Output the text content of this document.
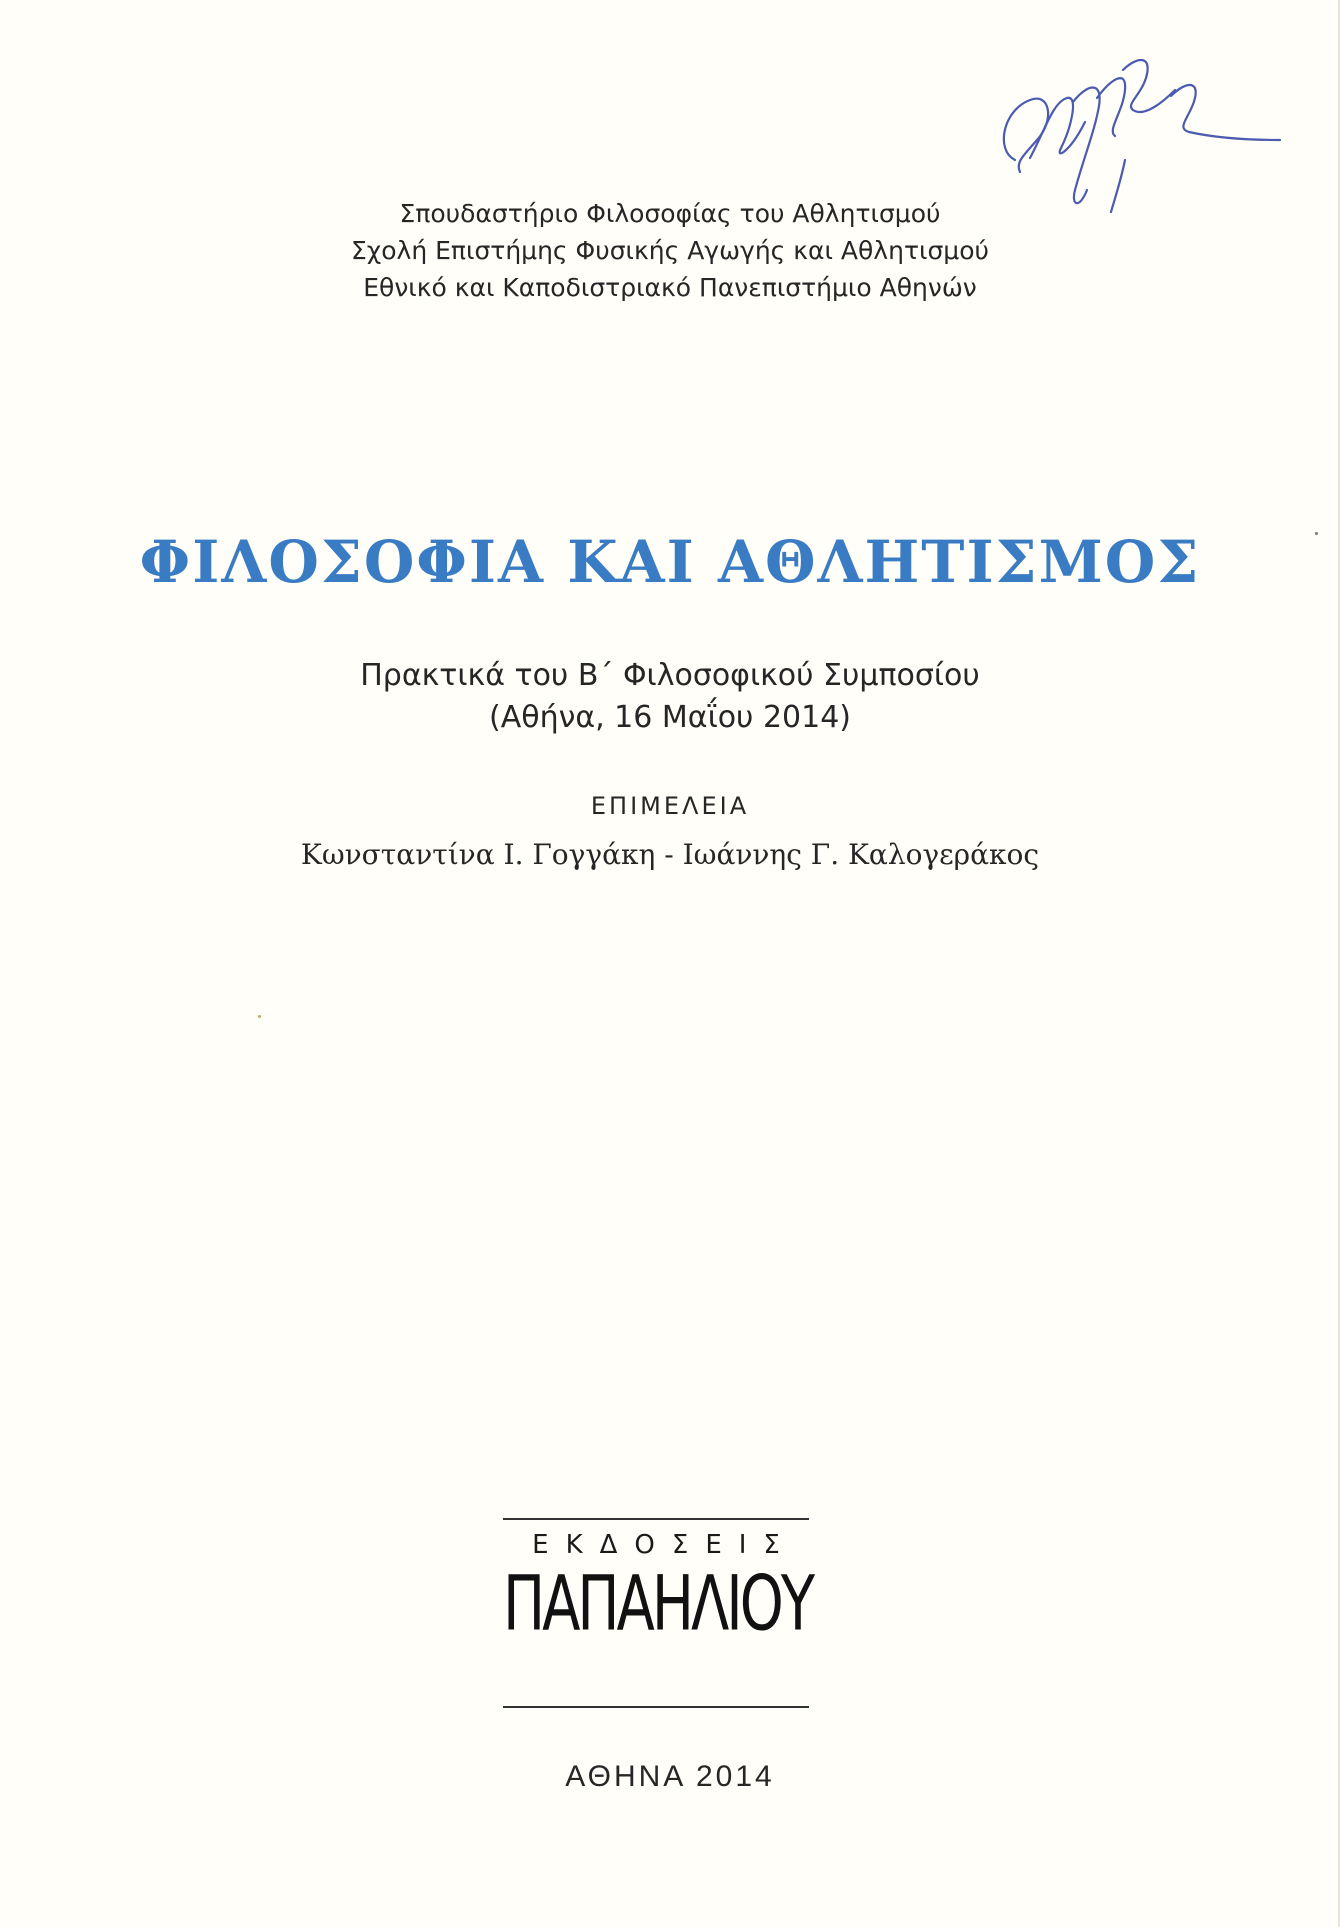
Σπουδαστήριο Φιλοσοφίας του Αθλητισμού
Σχολή Επιστήμης Φυσικής Αγωγής και Αθλητισμού
Εθνικό και Καποδιστριακό Πανεπιστήμιο Αθηνών
ΦΙΛΟΣΟΦΙΑ ΚΑΙ ΑΘΛΗΤΙΣΜΟΣ
Πρακτικά του Β΄ Φιλοσοφικού Συμποσίου
(Αθήνα, 16 Μαΐου 2014)
ΕΠΙΜΕΛΕΙΑ
Κωνσταντίνα Ι. Γογγάκη - Ιωάννης Γ. Καλογεράκος
ΕΚΔΟΣΕΙΣ
ΠΑΠΑΗΛΙΟΥ
ΑΘΗΝΑ 2014
